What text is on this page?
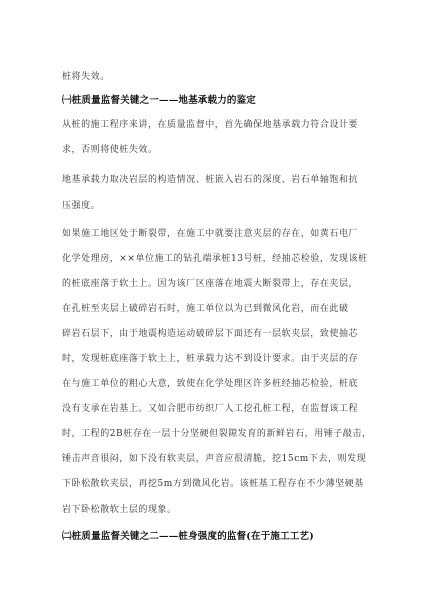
桩将失效。
㈠桩质量监督关键之一——地基承载力的鉴定
从桩的施工程序来讲，在质量监督中，首先确保地基承载力符合设计要
求，否则将使桩失效。
地基承载力取决岩层的构造情况、桩嵌入岩石的深度、岩石单轴饱和抗
压强度。
如果施工地区处于断裂带，在施工中就要注意夹层的存在，如黄石电厂
化学处理房，××单位施工的钻孔端承桩13号桩，经抽芯检验，发现该桩
的桩底座落于软土上。因为该厂区座落在地震大断裂带上，存在夹层，
在孔桩至夹层上破碎岩石时，施工单位以为已到微风化岩，而在此破
碎岩石层下，由于地震构造运动破碎层下面还有一层软夹层，致使抽芯
时，发现桩底座落于软土上，桩承载力达不到设计要求。由于夹层的存
在与施工单位的粗心大意，致使在化学处理区许多桩经抽芯检验，桩底
没有支承在岩基上。又如合肥市纺织厂人工挖孔桩工程，在监督该工程
时，工程的2B桩存在一层十分坚硬但裂隙发育的新鲜岩石，用锤子敲击，
锤击声音很闷，如下没有软夹层，声音应很清脆，挖15cm下去，则发现
下卧松散软夹层，再挖5m方到微风化岩。该桩基工程存在不少薄坚硬基
岩下卧松散软土层的现象。
㈡桩质量监督关键之二——桩身强度的监督(在于施工工艺)
